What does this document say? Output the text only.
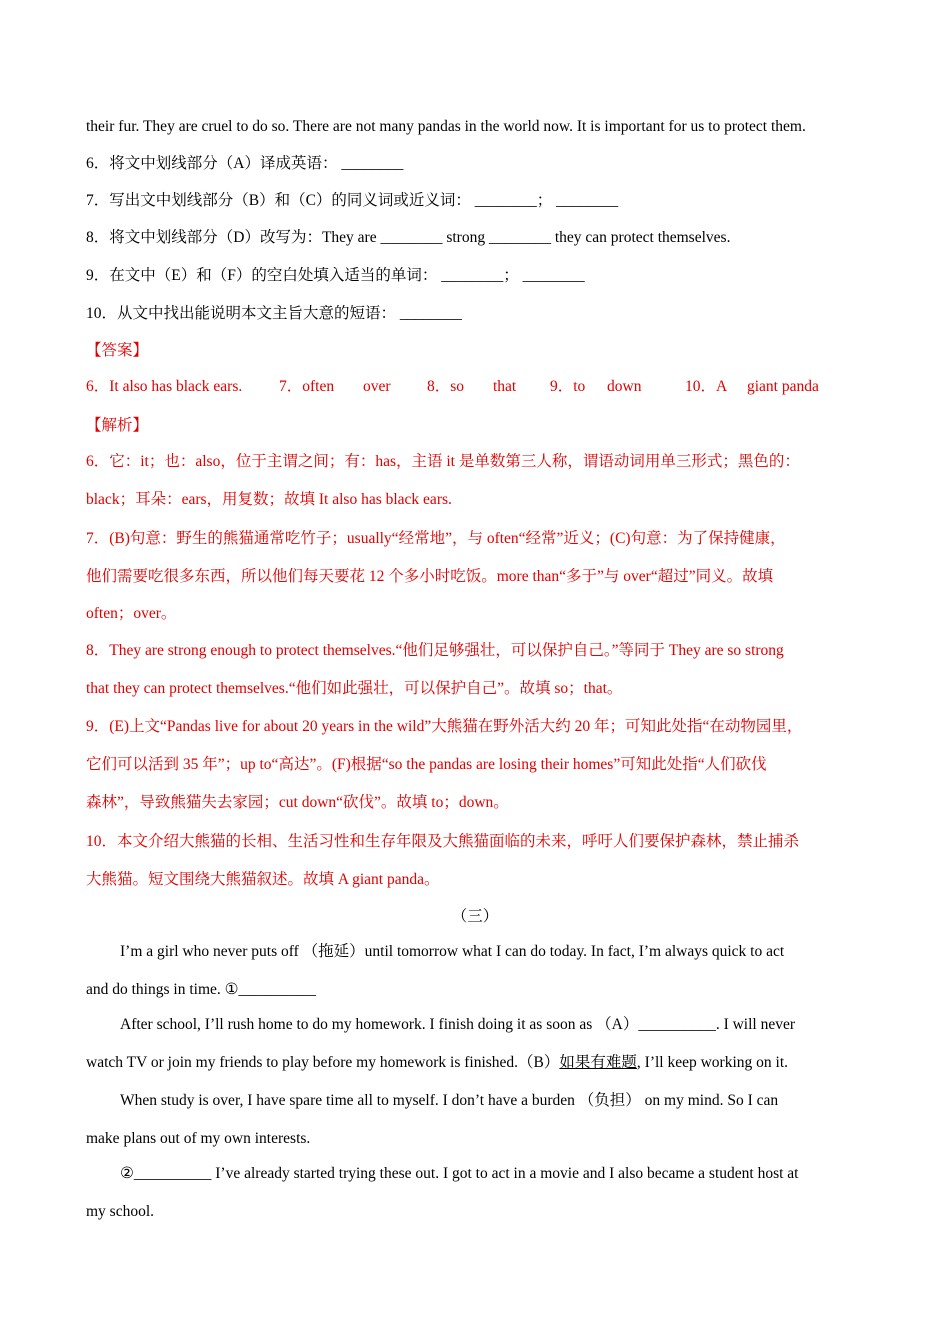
their fur. They are cruel to do so. There are not many pandas in the world now. It is important for us to protect them.
6．将文中划线部分（A）译成英语： ________
7．写出文中划线部分（B）和（C）的同义词或近义词： ________； ________
8．将文中划线部分（D）改写为：They are ________ strong ________ they can protect themselves.
9．在文中（E）和（F）的空白处填入适当的单词： ________； ________
10．从文中找出能说明本文主旨大意的短语： ________
【答案】
6．It also has black ears. 7．often over 8．so that 9．to down	10．A giant panda
【解析】
6．它：it；也：also，位于主谓之间；有：has，主语 it 是单数第三人称，谓语动词用单三形式；黑色的：
black；耳朵：ears，用复数；故填 It also has black ears.
7．(B)句意：野生的熊猫通常吃竹子；usually“经常地”，与 often“经常”近义；(C)句意：为了保持健康，
他们需要吃很多东西，所以他们每天要花 12 个多小时吃饭。more than“多于”与 over“超过”同义。故填
often；over。
8．They are strong enough to protect themselves.“他们足够强壮，可以保护自己。”等同于 They are so strong
that they can protect themselves.“他们如此强壮，可以保护自己”。故填 so；that。
9．(E)上文“Pandas live for about 20 years in the wild”大熊猫在野外活大约 20 年；可知此处指“在动物园里，
它们可以活到 35 年”；up to“高达”。(F)根据“so the pandas are losing their homes”可知此处指“人们砍伐
森林”，导致熊猫失去家园；cut down“砍伐”。故填 to；down。
10．本文介绍大熊猫的长相、生活习性和生存年限及大熊猫面临的未来，呼吁人们要保护森林，禁止捕杀
大熊猫。短文围绕大熊猫叙述。故填 A giant panda。
（三）
I’m a girl who never puts off （拖延）until tomorrow what I can do today. In fact, I’m always quick to act
and do things in time. ①__________
After school, I’ll rush home to do my homework. I finish doing it as soon as （A）__________. I will never
watch TV or join my friends to play before my homework is finished.（B）如果有难题, I’ll keep working on it.
When study is over, I have spare time all to myself. I don’t have a burden （负担） on my mind. So I can
make plans out of my own interests.
②__________ I’ve already started trying these out. I got to act in a movie and I also became a student host at
my school.
